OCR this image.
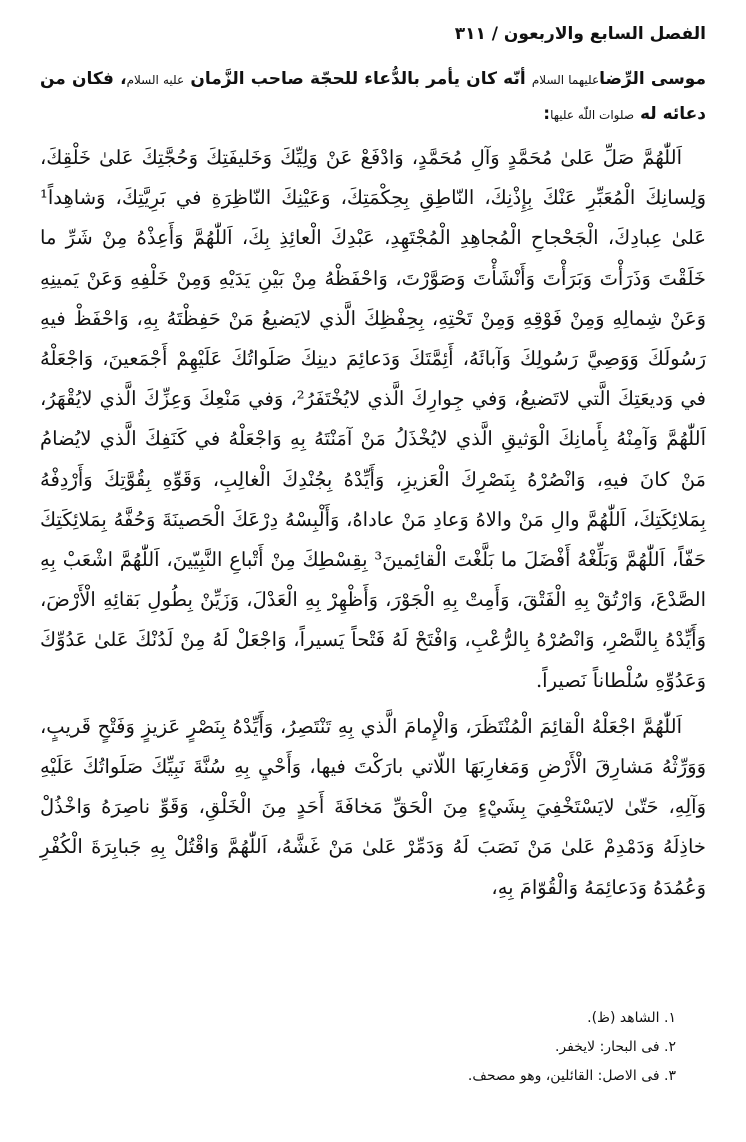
الفصل السابع والاربعون / ٣١١

موسى الرِّضاعليهما السلام أنّه كان يأمر بالدُّعاء للحجّة صاحب الزَّمان عليه السلام، فكان من دعائه له صلوات اللّٰه عليها:

اَللّٰهُمَّ صَلِّ عَلىٰ مُحَمَّدٍ وَآلِ مُحَمَّدٍ، وَادْفَعْ عَنْ وَلِيِّكَ وَخَليفَتِكَ وَحُجَّتِكَ عَلىٰ خَلْقِكَ، وَلِسانِكَ الْمُعَبِّرِ عَنْكَ بِإِذْنِكَ، النّاطِقِ بِحِكْمَتِكَ، وَعَيْنِكَ النّاظِرَةِ في بَرِيَّتِكَ، وَشاهِداً¹ عَلىٰ عِبادِكَ، الْجَحْجاحِ الْمُجاهِدِ الْمُجْتَهِدِ، عَبْدِكَ الْعائِذِ بِكَ، اَللّٰهُمَّ وَأَعِذْهُ مِنْ شَرِّ ما خَلَقْتَ وَذَرَأْتَ وَبَرَأْتَ وَأَنْشَأْتَ وَصَوَّرْتَ، وَاحْفَظْهُ مِنْ بَيْنِ يَدَيْهِ وَمِنْ خَلْفِهِ وَعَنْ يَمينِهِ وَعَنْ شِمالِهِ وَمِنْ فَوْقِهِ وَمِنْ تَحْتِهِ، بِحِفْظِكَ الَّذي لايَضيعُ مَنْ حَفِظْتَهُ بِهِ، وَاحْفَظْ فيهِ رَسُولَكَ وَوَصِيَّ رَسُولِكَ وَآبائَهُ، أَئِمَّتَكَ وَدَعائِمَ دينِكَ صَلَواتُكَ عَلَيْهِمْ أَجْمَعينَ، وَاجْعَلْهُ في وَديعَتِكَ الَّتي لاتَضيعُ، وَفي جِوارِكَ الَّذي لايُخْتَفَرُ²، وَفي مَنْعِكَ وَعِزِّكَ الَّذي لايُقْهَرُ، اَللّٰهُمَّ وَآمِنْهُ بِأَمانِكَ الْوَثيقِ الَّذي لايُخْذَلُ مَنْ آمَنْتَهُ بِهِ وَاجْعَلْهُ في كَنَفِكَ الَّذي لايُضامُ مَنْ كانَ فيهِ، وَانْصُرْهُ بِنَصْرِكَ الْعَزيزِ، وَأَيِّدْهُ بِجُنْدِكَ الْغالِبِ، وَقَوِّهِ بِقُوَّتِكَ وَأَرْدِفْهُ بِمَلائِكَتِكَ، اَللّٰهُمَّ والِ مَنْ والاهُ وَعادِ مَنْ عاداهُ، وَأَلْبِسْهُ دِرْعَكَ الْحَصينَةَ وَحُفَّهُ بِمَلائِكَتِكَ حَفّاً، اَللّٰهُمَّ وَبَلِّغْهُ أَفْضَلَ ما بَلَّغْتَ الْقائِمينَ³ بِقِسْطِكَ مِنْ أَتْباعِ النَّبِيّينَ، اَللّٰهُمَّ اشْعَبْ بِهِ الصَّدْعَ، وَارْتُقْ بِهِ الْفَتْقَ، وَأَمِتْ بِهِ الْجَوْرَ، وَأَظْهِرْ بِهِ الْعَدْلَ، وَزَيِّنْ بِطُولِ بَقائِهِ الْأَرْضَ، وَأَيِّدْهُ بِالنَّصْرِ، وَانْصُرْهُ بِالرُّعْبِ، وَافْتَحْ لَهُ فَتْحاً يَسيراً، وَاجْعَلْ لَهُ مِنْ لَدُنْكَ عَلىٰ عَدُوِّكَ وَعَدُوِّهِ سُلْطاناً نَصيراً.

اَللّٰهُمَّ اجْعَلْهُ الْقائِمَ الْمُنْتَظَرَ، وَالْإِمامَ الَّذي بِهِ تَنْتَصِرُ، وَأَيِّدْهُ بِنَصْرٍ عَزيزٍ وَفَتْحٍ قَريبٍ، وَوَرِّثْهُ مَشارِقَ الْأَرْضِ وَمَغارِبَهَا اللّاتي بارَكْتَ فيها، وَأَحْيِ بِهِ سُنَّةَ نَبِيِّكَ صَلَواتُكَ عَلَيْهِ وَآلِهِ، حَتّىٰ لايَسْتَخْفِيَ بِشَيْءٍ مِنَ الْحَقِّ مَخافَةَ أَحَدٍ مِنَ الْخَلْقِ، وَقَوِّ ناصِرَهُ وَاخْذُلْ خاذِلَهُ وَدَمْدِمْ عَلىٰ مَنْ نَصَبَ لَهُ وَدَمِّرْ عَلىٰ مَنْ غَشَّهُ، اَللّٰهُمَّ وَاقْتُلْ بِهِ جَبابِرَةَ الْكُفْرِ وَعُمُدَهُ وَدَعائِمَهُ وَالْقُوّامَ بِهِ،

١. الشاهد (ظ).
٢. فى البحار: لايخفر.
٣. فى الاصل: القائلين، وهو مصحف.
